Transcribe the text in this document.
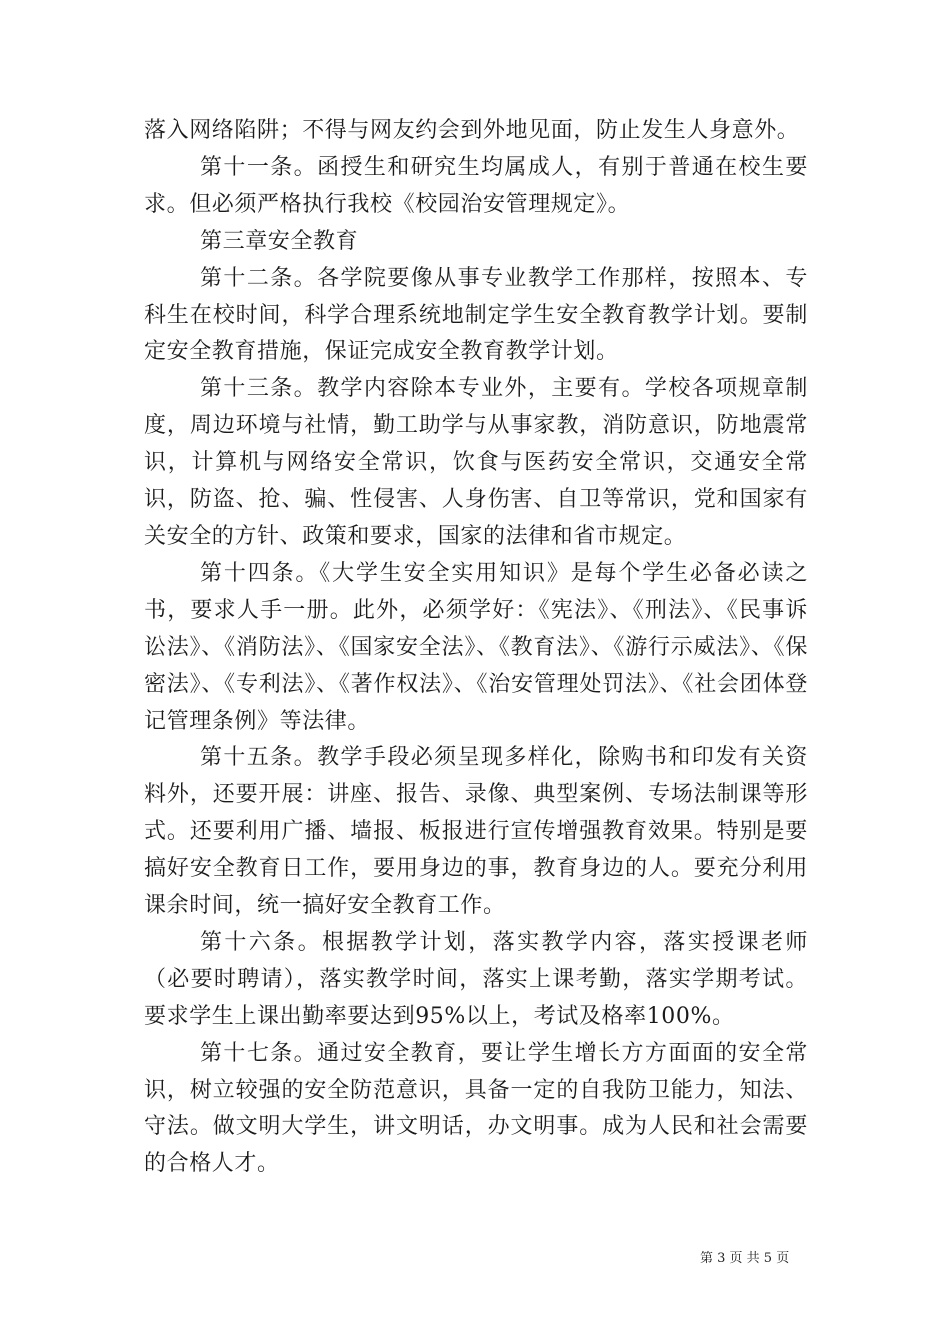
落入网络陷阱；不得与网友约会到外地见面，防止发生人身意外。

第十一条。函授生和研究生均属成人，有别于普通在校生要求。但必须严格执行我校《校园治安管理规定》。

第三章安全教育

第十二条。各学院要像从事专业教学工作那样，按照本、专科生在校时间，科学合理系统地制定学生安全教育教学计划。要制定安全教育措施，保证完成安全教育教学计划。

第十三条。教学内容除本专业外，主要有。学校各项规章制度，周边环境与社情，勤工助学与从事家教，消防意识，防地震常识，计算机与网络安全常识，饮食与医药安全常识，交通安全常识，防盗、抢、骗、性侵害、人身伤害、自卫等常识，党和国家有关安全的方针、政策和要求，国家的法律和省市规定。

第十四条。《大学生安全实用知识》是每个学生必备必读之书，要求人手一册。此外，必须学好：《宪法》、《刑法》、《民事诉讼法》、《消防法》、《国家安全法》、《教育法》、《游行示威法》、《保密法》、《专利法》、《著作权法》、《治安管理处罚法》、《社会团体登记管理条例》等法律。

第十五条。教学手段必须呈现多样化，除购书和印发有关资料外，还要开展：讲座、报告、录像、典型案例、专场法制课等形式。还要利用广播、墙报、板报进行宣传增强教育效果。特别是要搞好安全教育日工作，要用身边的事，教育身边的人。要充分利用课余时间，统一搞好安全教育工作。

第十六条。根据教学计划，落实教学内容，落实授课老师（必要时聘请），落实教学时间，落实上课考勤，落实学期考试。要求学生上课出勤率要达到95%以上，考试及格率100%。

第十七条。通过安全教育，要让学生增长方方面面的安全常识，树立较强的安全防范意识，具备一定的自我防卫能力，知法、守法。做文明大学生，讲文明话，办文明事。成为人民和社会需要的合格人才。

第 3 页 共 5 页
